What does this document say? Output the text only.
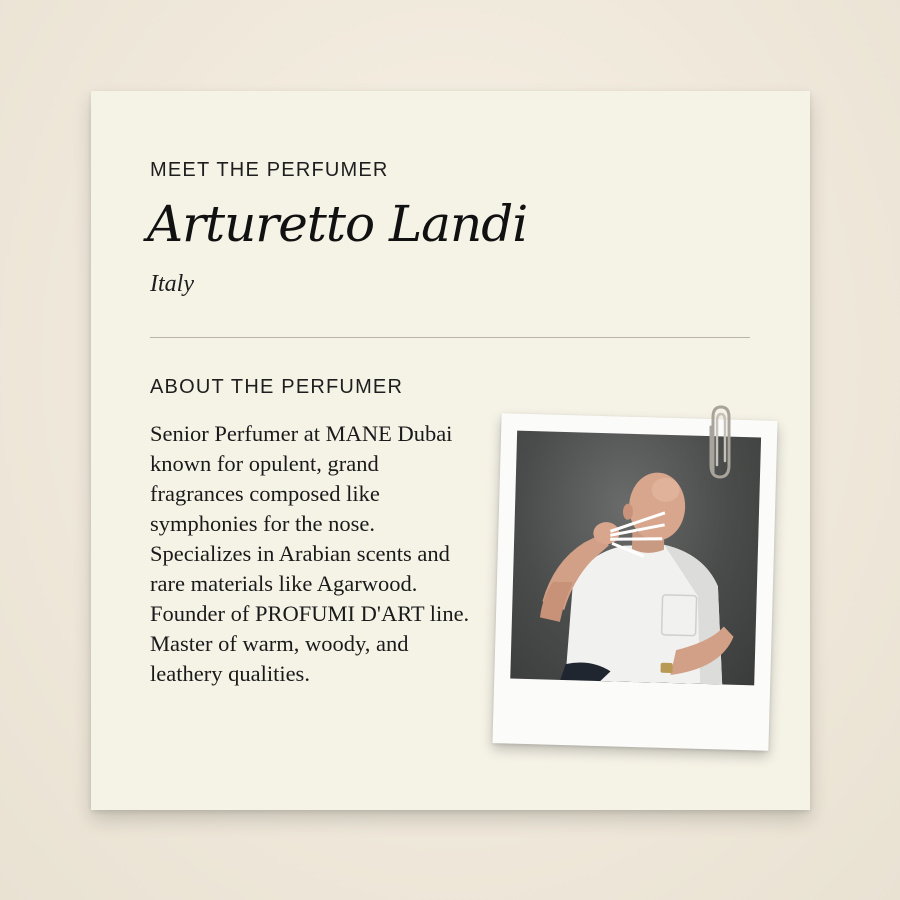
MEET THE PERFUMER
Arturetto Landi
Italy
ABOUT THE PERFUMER
Senior Perfumer at MANE Dubai
known for opulent, grand
fragrances composed like
symphonies for the nose.
Specializes in Arabian scents and
rare materials like Agarwood.
Founder of PROFUMI D'ART line.
Master of warm, woody, and
leathery qualities.
